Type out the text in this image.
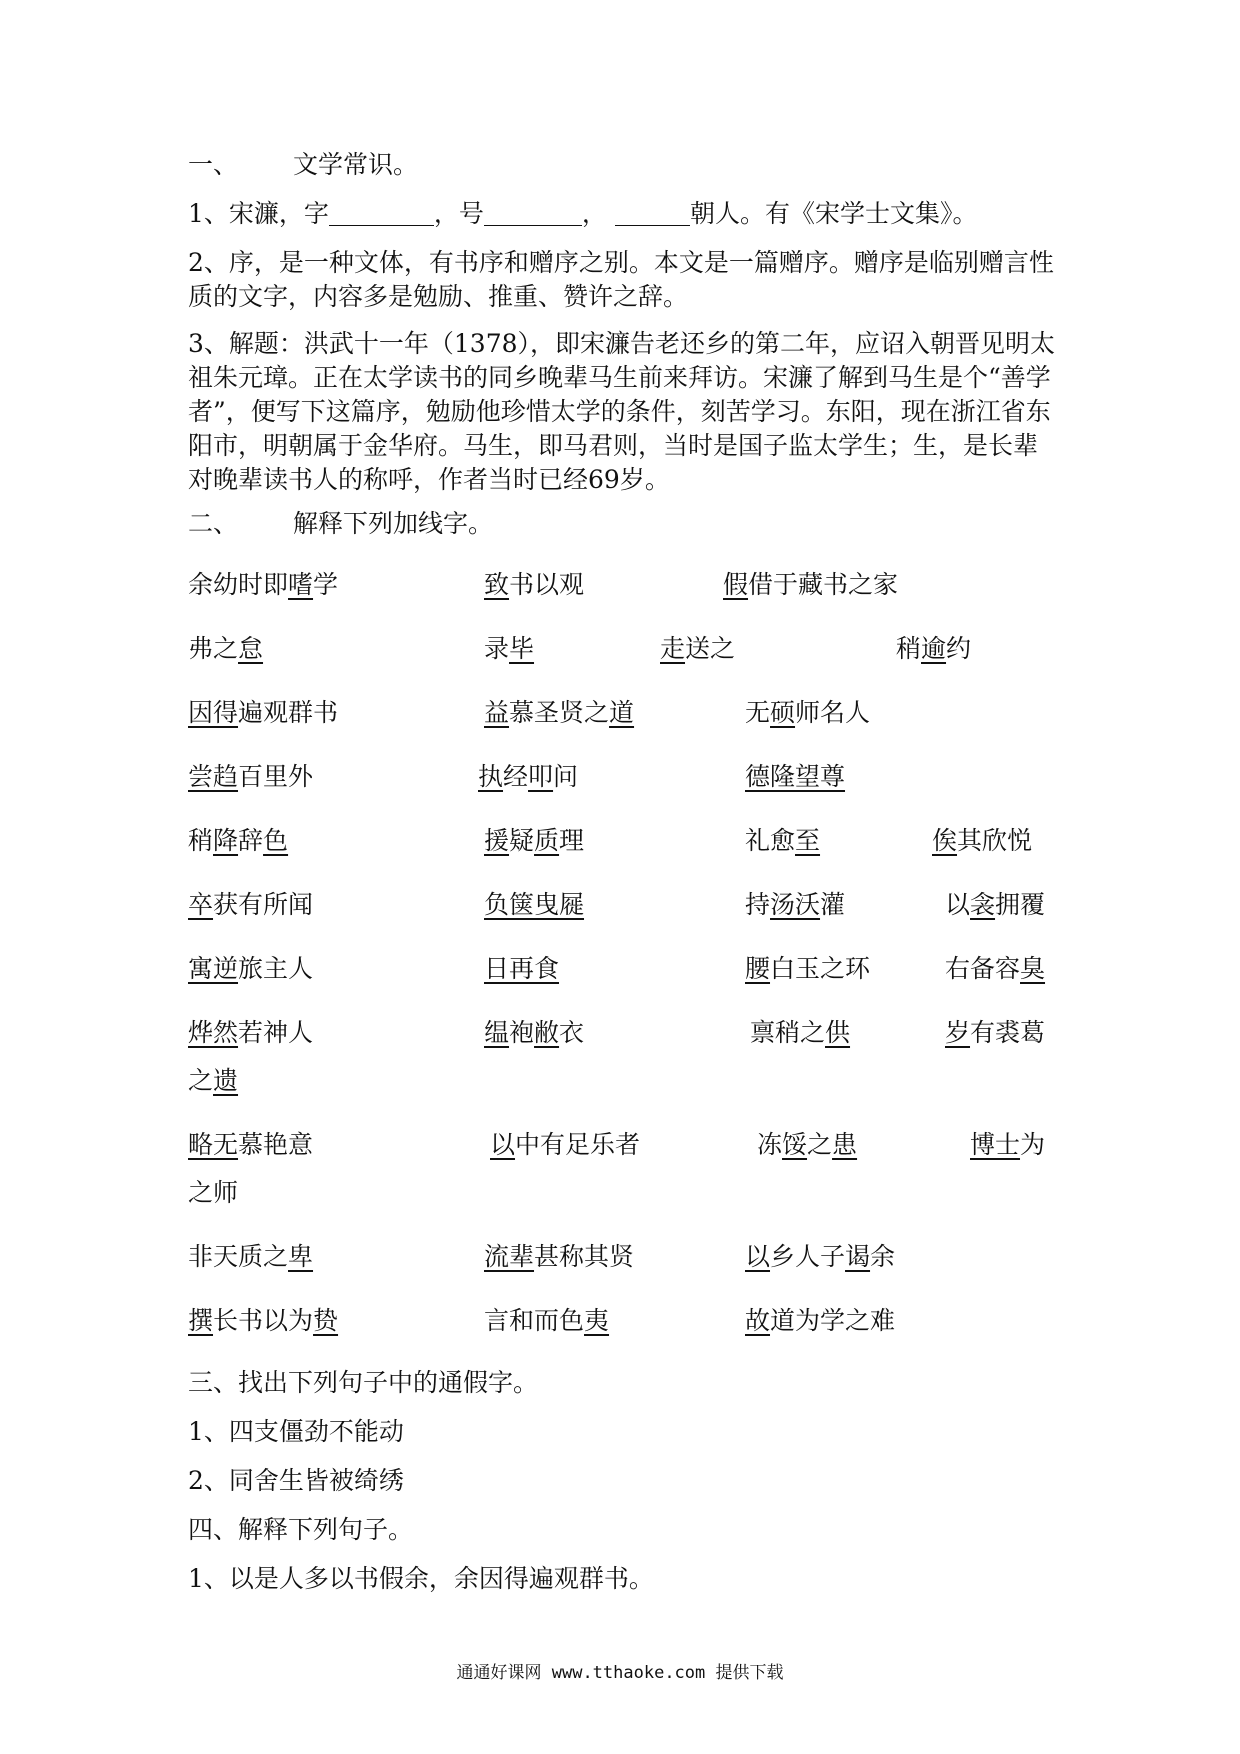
一、 文学常识。
1、宋濂，字	，号	，	朝人。有《宋学士文集》。

2、序，是一种文体，有书序和赠序之别。本文是一篇赠序。赠序是临别赠言性质的文字，内容多是勉励、推重、赞许之辞。

3、解题：洪武十一年（1378），即宋濂告老还乡的第二年，应诏入朝晋见明太祖朱元璋。正在太学读书的同乡晚辈马生前来拜访。宋濂了解到马生是个“善学者”，便写下这篇序，勉励他珍惜太学的条件，刻苦学习。东阳，现在浙江省东阳市，明朝属于金华府。马生，即马君则，当时是国子监太学生；生，是长辈对晚辈读书人的称呼，作者当时已经69岁。

二、 解释下列加线字。
余幼时即嗜学	致书以观	假借于藏书之家
弗之怠	录毕	走送之	稍逾约
因得遍观群书	益慕圣贤之道	无硕师名人
尝趋百里外	执经叩问	德隆望尊
稍降辞色	援疑质理	礼愈至	俟其欣悦
卒获有所闻	负箧曳屣	持汤沃灌	以衾拥覆
寓逆旅主人	日再食	腰白玉之环	右备容臭
烨然若神人	缊袍敝衣	禀稍之供	岁有裘葛
之遗
略无慕艳意	以中有足乐者	冻馁之患	博士为
之师
非天质之卑	流辈甚称其贤	以乡人子谒余
撰长书以为贽	言和而色夷	故道为学之难
三、找出下列句子中的通假字。
1、四支僵劲不能动
2、同舍生皆被绮绣
四、解释下列句子。
1、以是人多以书假余，余因得遍观群书。
通通好课网 www.tthaoke.com 提供下载
